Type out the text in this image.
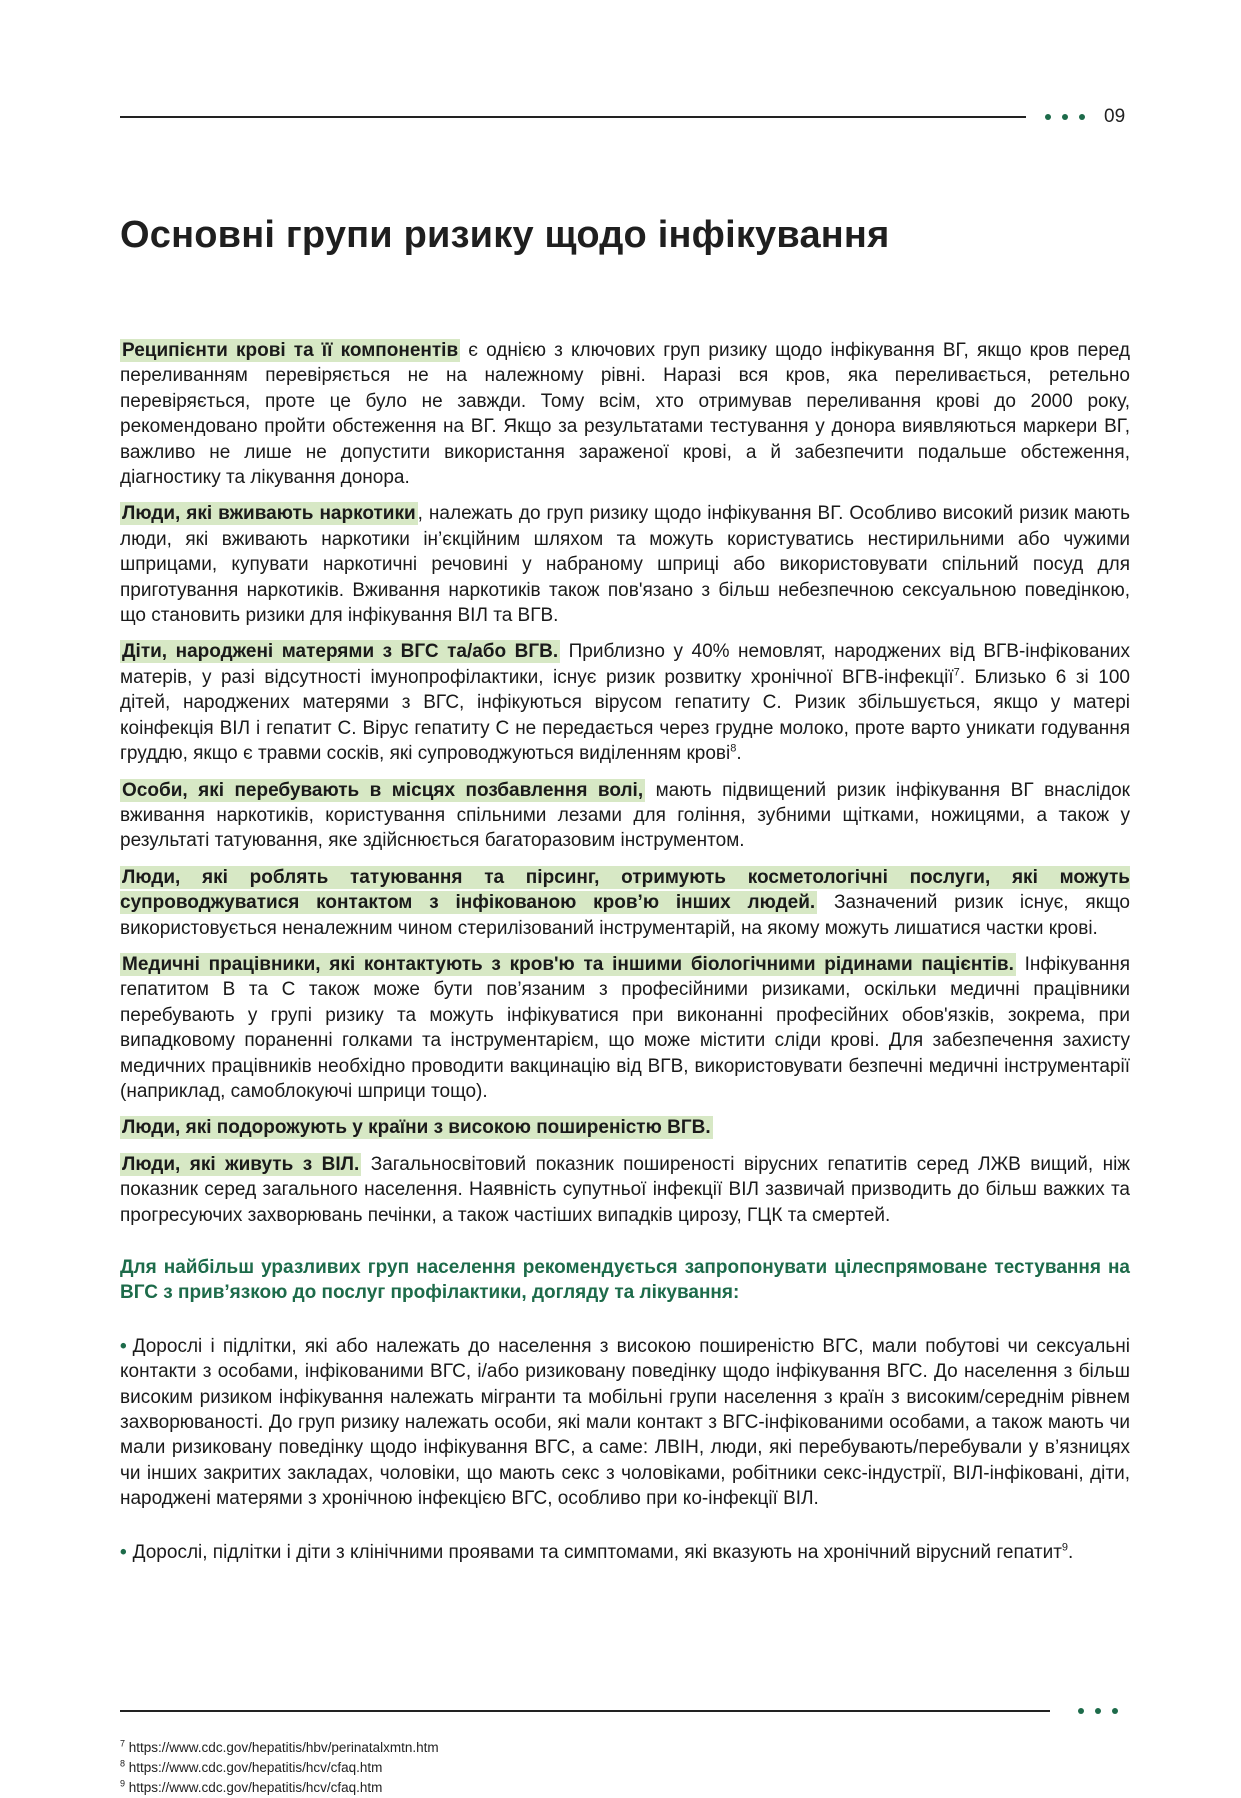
09
Основні групи ризику щодо інфікування

Реципієнти крові та її компонентів є однією з ключових груп ризику щодо інфікування ВГ, якщо кров перед переливанням перевіряється не на належному рівні. Наразі вся кров, яка переливається, ретельно перевіряється, проте це було не завжди. Тому всім, хто отримував переливання крові до 2000 року, рекомендовано пройти обстеження на ВГ. Якщо за результатами тестування у донора виявляються маркери ВГ, важливо не лише не допустити використання зараженої крові, а й забезпечити подальше обстеження, діагностику та лікування донора.

Люди, які вживають наркотики , належать до груп ризику щодо інфікування ВГ. Особливо високий ризик мають люди, які вживають наркотики ін’єкційним шляхом та можуть користуватись нестирильними або чужими шприцами, купувати наркотичні речовині у набраному шприці або використовувати спільний посуд для приготування наркотиків. Вживання наркотиків також пов'язано з більш небезпечною сексуальною поведінкою, що становить ризики для інфікування ВІЛ та ВГВ.

Діти, народжені матерями з ВГС та/або ВГВ. Приблизно у 40% немовлят, народжених від ВГВ-інфікованих матерів, у разі відсутності імунопрофілактики, існує ризик розвитку хронічної ВГВ-інфекції$^7$. Близько 6 зі 100 дітей, народжених матерями з ВГС, інфікуються вірусом гепатиту С. Ризик збільшується, якщо у матері коінфекція ВІЛ і гепатит С. Вірус гепатиту С не передається через грудне молоко, проте варто уникати годування груддю, якщо є травми сосків, які супроводжуються виділенням крові$^8$.

Особи, які перебувають в місцях позбавлення волі, мають підвищений ризик інфікування ВГ внаслідок вживання наркотиків, користування спільними лезами для гоління, зубними щітками, ножицями, а також у результаті татуювання, яке здійснюється багаторазовим інструментом.

Люди, які роблять татуювання та пірсинг, отримують косметологічні послуги, які можуть супроводжуватися контактом з інфікованою кров’ю інших людей. Зазначений ризик існує, якщо використовується неналежним чином стерилізований інструментарій, на якому можуть лишатися частки крові.

Медичні працівники, які контактують з кров'ю та іншими біологічними рідинами пацієнтів. Інфікування гепатитом В та С також може бути пов’язаним з професійними ризиками, оскільки медичні працівники перебувають у групі ризику та можуть інфікуватися при виконанні професійних обов'язків, зокрема, при випадковому пораненні голками та інструментарієм, що може містити сліди крові. Для забезпечення захисту медичних працівників необхідно проводити вакцинацію від ВГВ, використовувати безпечні медичні інструментарії (наприклад, самоблокуючі шприци тощо).

Люди, які подорожують у країни з високою поширеністю ВГВ.

Люди, які живуть з ВІЛ. Загальносвітовий показник поширеності вірусних гепатитів серед ЛЖВ вищий, ніж показник серед загального населення. Наявність супутньої інфекції ВІЛ зазвичай призводить до більш важких та прогресуючих захворювань печінки, а також частіших випадків цирозу, ГЦК та смертей.

Для найбільш уразливих груп населення рекомендується запропонувати цілеспрямоване тестування на ВГС з прив’язкою до послуг профілактики, догляду та лікування:

• Дорослі і підлітки, які або належать до населення з високою поширеністю ВГС, мали побутові чи сексуальні контакти з особами, інфікованими ВГС, і/або ризиковану поведінку щодо інфікування ВГС. До населення з більш високим ризиком інфікування належать мігранти та мобільні групи населення з країн з високим/середнім рівнем захворюваності. До груп ризику належать особи, які мали контакт з ВГС-інфікованими особами, а також мають чи мали ризиковану поведінку щодо інфікування ВГС, а саме: ЛВІН, люди, які перебувають/перебували у в’язницях чи інших закритих закладах, чоловіки, що мають секс з чоловіками, робітники секс-індустрії, ВІЛ-інфіковані, діти, народжені матерями з хронічною інфекцією ВГС, особливо при ко-інфекції ВІЛ.

• Дорослі, підлітки і діти з клінічними проявами та симптомами, які вказують на хронічний вірусний гепатит$^9$.

$^7$ https://www.cdc.gov/hepatitis/hbv/perinatalxmtn.htm
$^8$ https://www.cdc.gov/hepatitis/hcv/cfaq.htm
$^9$ https://www.cdc.gov/hepatitis/hcv/cfaq.htm
